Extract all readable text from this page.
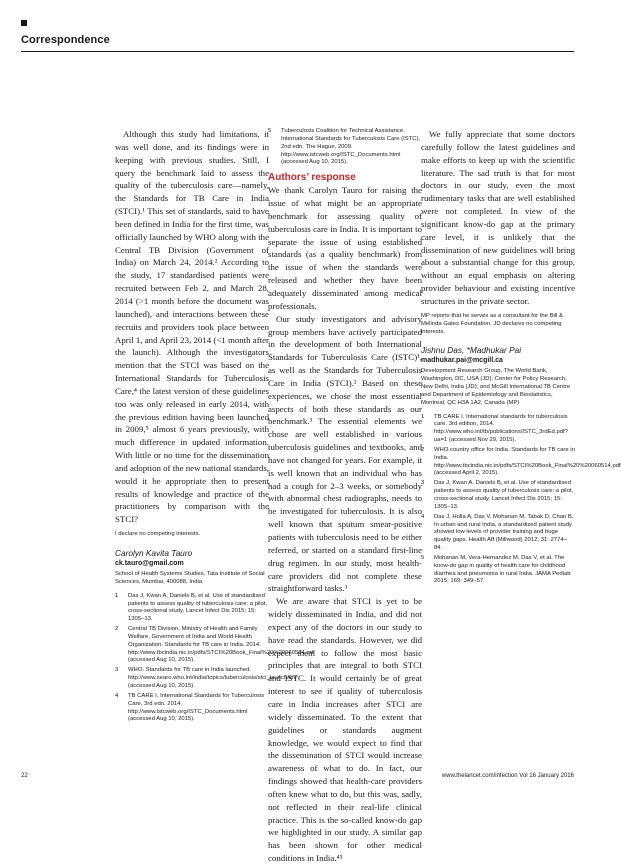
Correspondence

Although this study had limitations, it was well done, and its findings were in keeping with previous studies. Still, I query the benchmark laid to assess the quality of the tuberculosis care—namely, the Standards for TB Care in India (STCI).¹ This set of standards, said to have been defined in India for the first time, was officially launched by WHO along with the Central TB Division (Government of India) on March 24, 2014.² According to the study, 17 standardised patients were recruited between Feb 2, and March 28, 2014 (>1 month before the document was launched), and interactions between these recruits and providers took place between April 1, and April 23, 2014 (<1 month after the launch). Although the investigators mention that the STCI was based on the International Standards for Tuberculosis Care,⁴ the latest version of these guidelines too was only released in early 2014, with the previous edition having been launched in 2009,⁵ almost 6 years previously, with much difference in updated information. With little or no time for the dissemination and adoption of the new national standards, would it be appropriate then to present results of knowledge and practice of the practitioners by comparison with the STCI?

I declare no competing interests.

Carolyn Kavita Tauro

ck.tauro@gmail.com

School of Health Systems Studies, Tata Institute of Social Sciences, Mumbai, 400088, India

1 Das J, Kwan A, Daniels B, et al. Use of standardised patients to assess quality of tuberculosis care: a pilot, cross-sectional study. Lancet Infect Dis 2015; 15: 1305–13.
2 Central TB Division, Ministry of Health and Family Welfare, Government of India and World Health Organization. Standards for TB care in India. 2014. http://www.tbcindia.nic.in/pdfs/STCI%20Book_Final%20%20060514.pdf (accessed Aug 10, 2015).
3 WHO. Standards for TB care in India launched. http://www.searo.who.int/india/topics/tuberculosis/stci_launch/en/ (accessed Aug 10, 2015).
4 TB CARE I. International Standards for Tuberculosis Care, 3rd edn. 2014. http://www.istcweb.org/ISTC_Documents.html (accessed Aug 10, 2015).
5 Tuberculosis Coalition for Technical Assistance. International Standards for Tuberculosis Care (ISTC), 2nd edn. The Hague, 2009. http://www.istcweb.org/ISTC_Documents.html (accessed Aug 10, 2015).
Authors’ response

We thank Carolyn Tauro for raising the issue of what might be an appropriate benchmark for assessing quality of tuberculosis care in India. It is important to separate the issue of using established standards (as a quality benchmark) from the issue of when the standards were released and whether they have been adequately disseminated among medical professionals.

Our study investigators and advisory group members have actively participated in the development of both International Standards for Tuberculosis Care (ISTC)¹, as well as the Standards for Tuberculosis Care in India (STCI).² Based on these experiences, we chose the most essential aspects of both these standards as our benchmark.³ The essential elements we chose are well established in various tuberculosis guidelines and textbooks, and have not changed for years. For example, it is well known that an individual who has had a cough for 2–3 weeks, or somebody with abnormal chest radiographs, needs to be investigated for tuberculosis. It is also well known that sputum smear-positive patients with tuberculosis need to be either referred, or started on a standard first-line drug regimen. In our study, most health-care providers did not complete these straightforward tasks.³

We are aware that STCI is yet to be widely disseminated in India, and did not expect any of the doctors in our study to have read the standards. However, we did expect them to follow the most basic principles that are integral to both STCI and ISTC. It would certainly be of great interest to see if quality of tuberculosis care in India increases after STCI are widely disseminated. To the extent that guidelines or standards augment knowledge, we would expect to find that the dissemination of STCI would increase awareness of what to do. In fact, our findings showed that health-care providers often knew what to do, but this was, sadly, not reflected in their real-life clinical practice. This is the so-called know-do gap we highlighted in our study. A similar gap has been shown for other medical conditions in India.⁴⁵

We fully appreciate that some doctors carefully follow the latest guidelines and make efforts to keep up with the scientific literature. The sad truth is that for most doctors in our study, even the most rudimentary tasks that are well established were not completed. In view of the significant know-do gap at the primary care level, it is unlikely that the dissemination of new guidelines will bring about a substantial change for this group, without an equal emphasis on altering provider behaviour and existing incentive structures in the private sector.

MP reports that he serves as a consultant for the Bill & Melinda Gates Foundation. JD declares no competing interests.

Jishnu Das, *Madhukar Pai

madhukar.pai@mcgill.ca

Development Research Group, The World Bank, Washington, DC, USA (JD); Center for Policy Research, New Delhi, India (JD); and McGill International TB Centre and Department of Epidemiology and Biostatistics, Montreal, QC H3A 1A2, Canada (MP)

1 TB CARE I. International standards for tuberculosis care. 3rd edition, 2014. http://www.who.int/tb/publications/ISTC_3rdEd.pdf?ua=1 (accessed Nov 29, 2015).
2 WHO country office for India. Standards for TB care in India. http://www.tbcindia.nic.in/pdfs/STCI%20Book_Final%20%20060514.pdf (accessed April 2, 2015).
3 Das J, Kwan A, Daniels B, et al. Use of standardised patients to assess quality of tuberculosis care: a pilot, cross-sectional study. Lancet Infect Dis 2015; 15: 1305–13.
4 Das J, Holla A, Das V, Mohanan M, Tabak D, Chan B. In urban and rural India, a standardized patient study showed low levels of provider training and huge quality gaps. Health Aff (Millwood) 2012; 31: 2774–84.
5 Mohanan M, Vera-Hernandez M, Das V, et al. The know-do gap in quality of health care for childhood diarrhea and pneumonia in rural India. JAMA Pediatr 2015; 169: 349–57.
22	www.thelancet.com/infection Vol 16 January 2016
